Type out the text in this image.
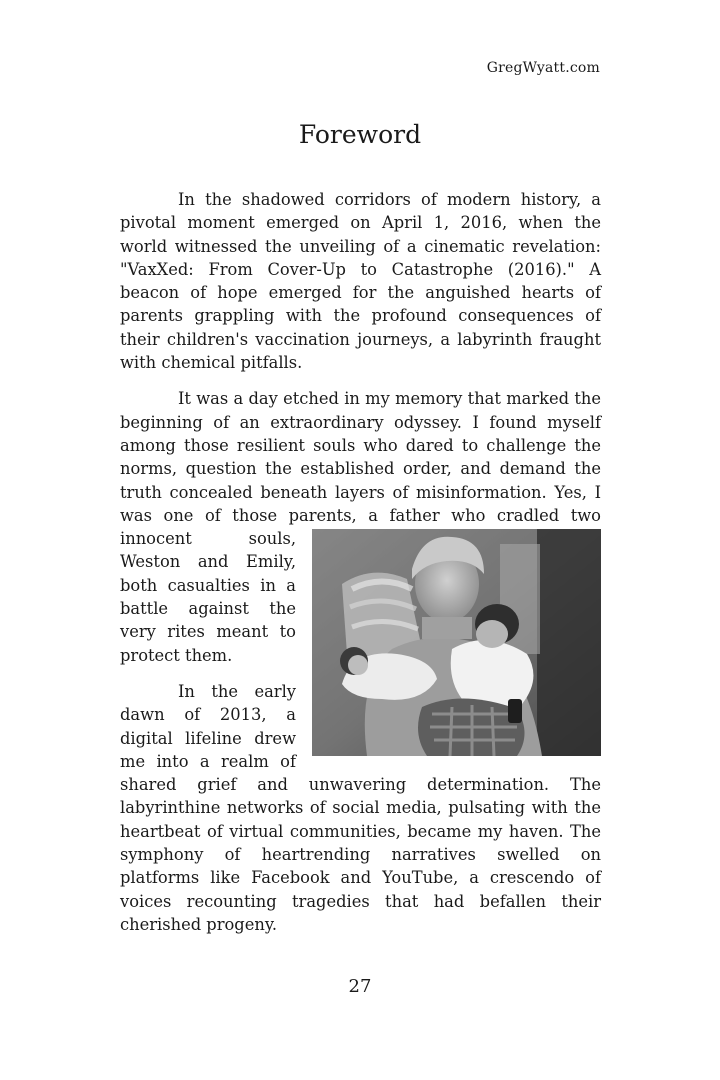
GregWyatt.com
Foreword

In the shadowed corridors of modern history, a pivotal moment emerged on April 1, 2016, when the world witnessed the unveiling of a cinematic revelation: "VaxXed: From Cover-Up to Catastrophe (2016)." A beacon of hope emerged for the anguished hearts of parents grappling with the profound consequences of their children's vaccination journeys, a labyrinth fraught with chemical pitfalls.

It was a day etched in my memory that marked the beginning of an extraordinary odyssey. I found myself among those resilient souls who dared to challenge the norms, question the established order, and demand the truth concealed beneath layers of misinformation. Yes, I was one of those parents, a
father who cradled two innocent souls, Weston and Emily, both casualties in a battle against the very rites meant to protect them.

In the early dawn of 2013, a digital lifeline drew me into a realm of shared grief and unwavering determination. The labyrinthine networks of social media, pulsating with the heartbeat of virtual communities, became my haven. The symphony of heartrending narratives swelled on platforms like Facebook and YouTube, a crescendo of voices recounting tragedies that had befallen their cherished progeny.

27
